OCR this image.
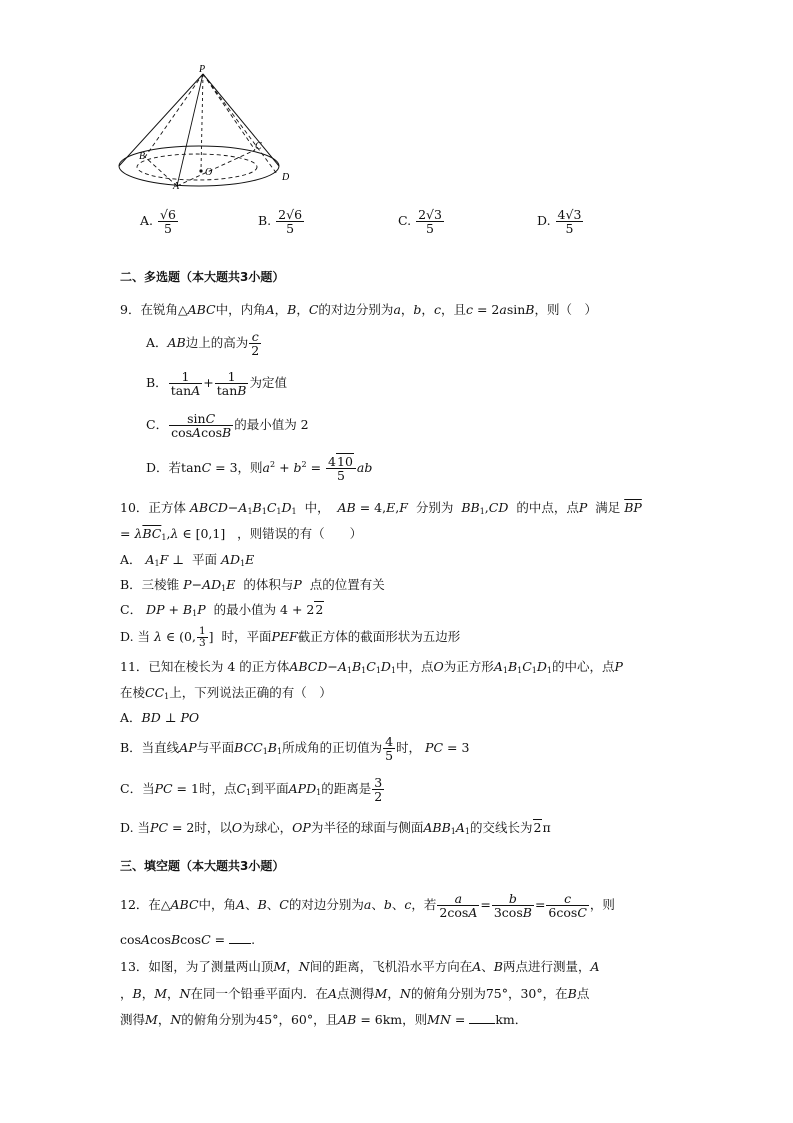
P
B
C
D
A
O
A. $\frac{√6}{5}$	B. $\frac{2√6}{5}$	C. $\frac{2√3}{5}$	D. $\frac{4√3}{5}$
二、多选题（本大题共3小题）
9．在锐角△ABC中，内角A，B，C的对边分别为a，b，c，且c = 2asinB，则（　）
A．AB边上的高为 $\frac{c}{2}$
B． $\frac{1}{\tan A} + \frac{1}{\tan B}$ 为定值
C． $\frac{\sin C}{\text{cosAcosB}}$ 的最小值为 2
D．若tanC = 3，则$a^2 + b^2 = \frac{410}{5}$ ab
10．正方体 $ABCD-A_1B_1C_1D_1$ 中， AB = 4,E,F 分别为 $BB_1,CD$ 的中点，点P 满足 $\overline{BP}$
= $\lambda\overline{BC}_1,\lambda$ ∈ [0,1]   ，则错误的有（　　）
A． $A_1F$ ⊥  平面 $AD_1E$
B．三棱锥 $P-AD_1E$ 的体积与P 点的位置有关
C． DP + $B_1P$ 的最小值为 4 + 22
D. 当 λ ∈ (0, $\frac{1}{3}$ ]  时，平面PEF截正方体的截面形状为五边形
11．已知在棱长为 4 的正方体$ABCD-A_1B_1C_1D_1$中，点O为正方形$A_1B_1C_1D_1$的中心，点P
在棱$CC_1$上，下列说法正确的有（　）
A．BD ⊥ PO
B．当直线AP与平面$BCC_1B_1$所成角的正切值为 $\frac{4}{5}$ 时， PC = 3
C．当PC = 1时，点$C_1$到平面$APD_1$的距离是 $\frac{3}{2}$
D. 当PC = 2时，以O为球心，OP为半径的球面与侧面$ABB_1A_1$的交线长为2π
三、填空题（本大题共3小题）
12．在△ABC中，角A、B、C的对边分别为a、b、c，若 $\frac{a}{2\cos A} = \frac{b}{3\cos B} = \frac{c}{6\cos C}$ ，则
cosAcosBcosC = .
13．如图，为了测量两山顶M，N间的距离，飞机沿水平方向在A、B两点进行测量，A
，B，M，N在同一个铅垂平面内．在A点测得M，N的俯角分别为75°，30°，在B点
测得M，N的俯角分别为45°，60°，且AB = 6km，则MN = km．
